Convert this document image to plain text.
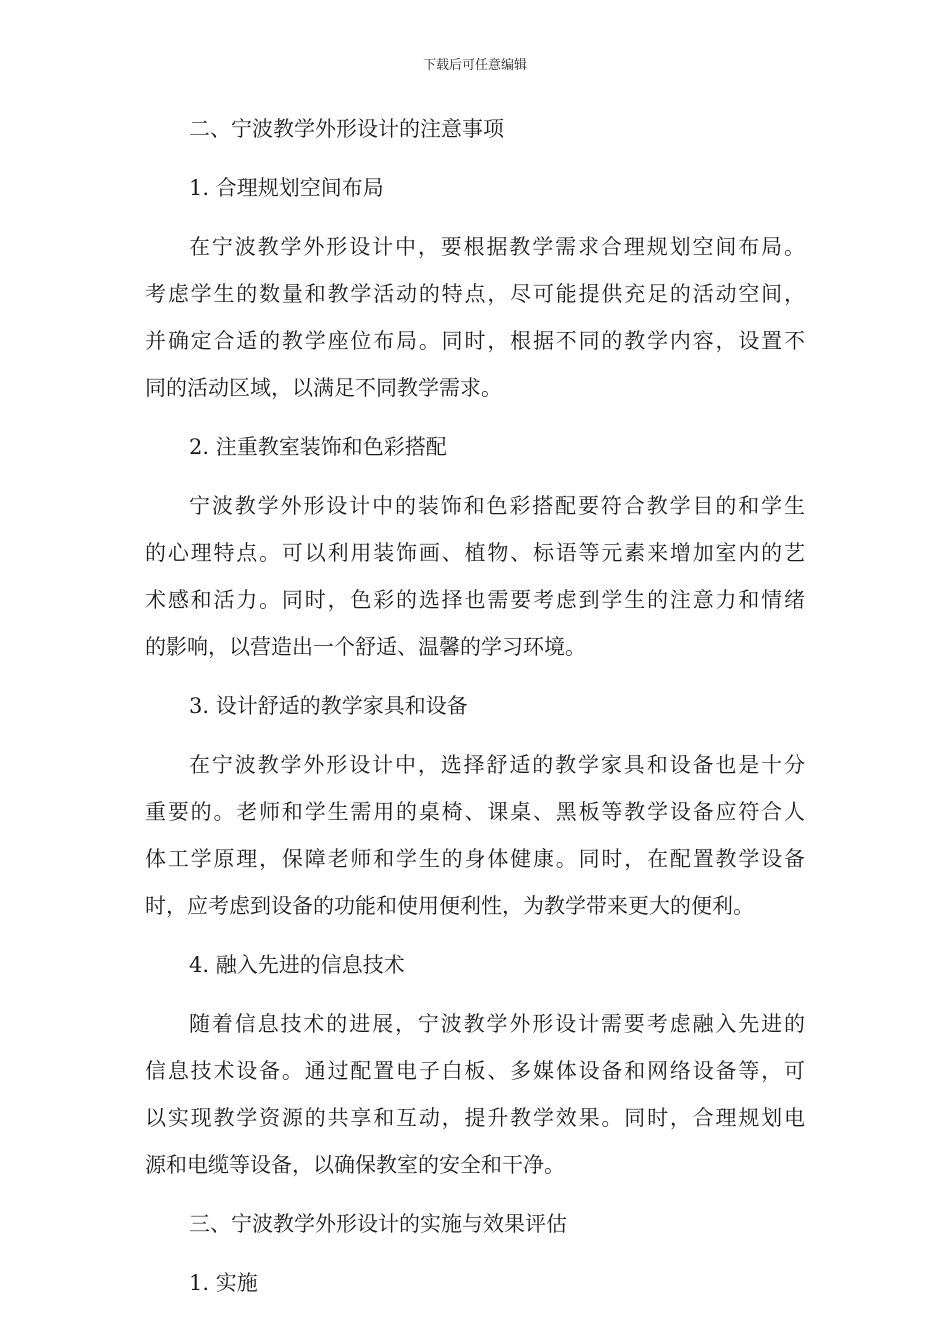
下载后可任意编辑
二、宁波教学外形设计的注意事项
1. 合理规划空间布局
在宁波教学外形设计中，要根据教学需求合理规划空间布局。
考虑学生的数量和教学活动的特点，尽可能提供充足的活动空间，
并确定合适的教学座位布局。同时，根据不同的教学内容，设置不
同的活动区域，以满足不同教学需求。
2. 注重教室装饰和色彩搭配
宁波教学外形设计中的装饰和色彩搭配要符合教学目的和学生
的心理特点。可以利用装饰画、植物、标语等元素来增加室内的艺
术感和活力。同时，色彩的选择也需要考虑到学生的注意力和情绪
的影响，以营造出一个舒适、温馨的学习环境。
3. 设计舒适的教学家具和设备
在宁波教学外形设计中，选择舒适的教学家具和设备也是十分
重要的。老师和学生需用的桌椅、课桌、黑板等教学设备应符合人
体工学原理，保障老师和学生的身体健康。同时，在配置教学设备
时，应考虑到设备的功能和使用便利性，为教学带来更大的便利。
4. 融入先进的信息技术
随着信息技术的进展，宁波教学外形设计需要考虑融入先进的
信息技术设备。通过配置电子白板、多媒体设备和网络设备等，可
以实现教学资源的共享和互动，提升教学效果。同时，合理规划电
源和电缆等设备，以确保教室的安全和干净。
三、宁波教学外形设计的实施与效果评估
1. 实施
